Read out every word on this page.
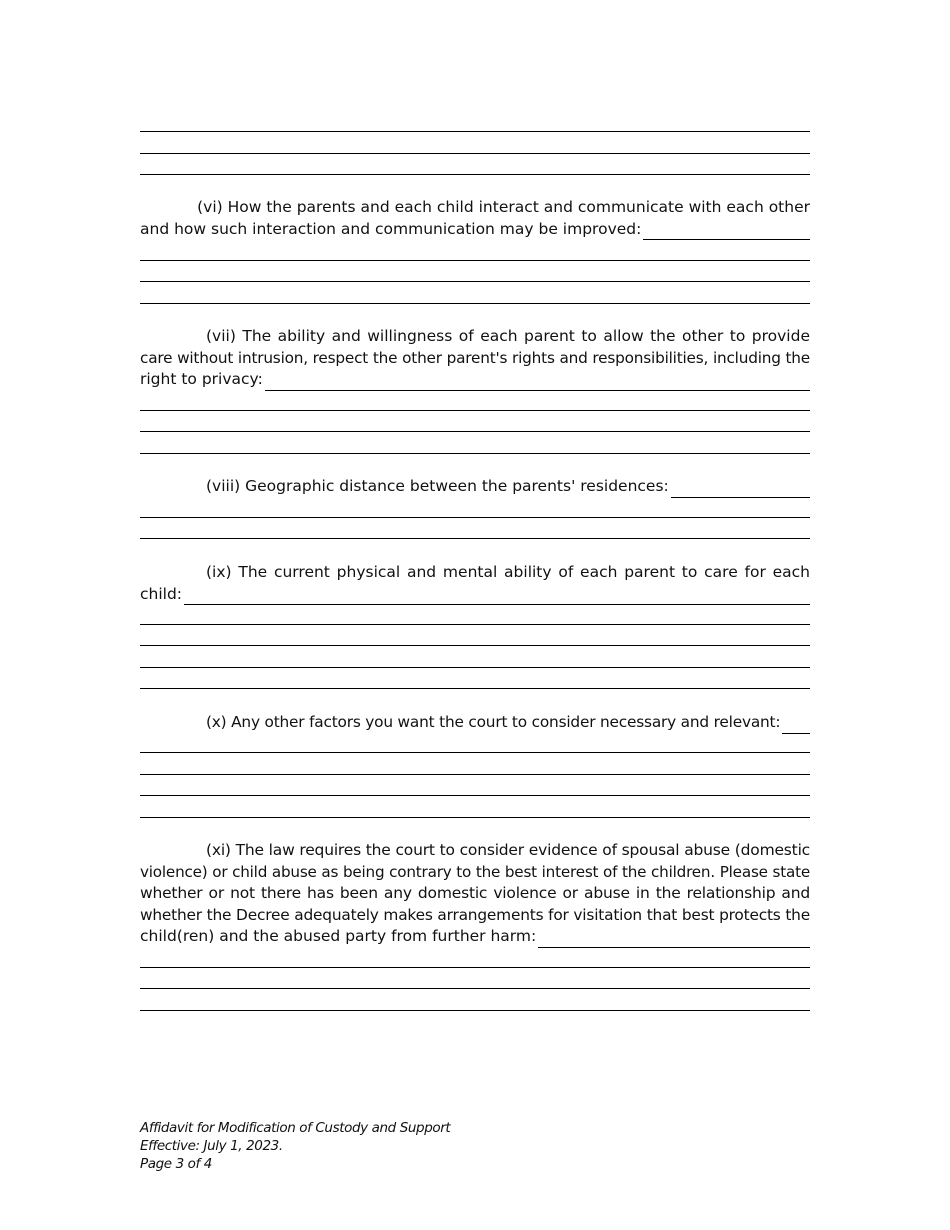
(vi) How the parents and each child interact and communicate with each other
and how such interaction and communication may be improved:
(vii) The ability and willingness of each parent to allow the other to provide
care without intrusion, respect the other parent's rights and responsibilities, including the
right to privacy:
(viii) Geographic distance between the parents' residences:
(ix) The current physical and mental ability of each parent to care for each
child:
(x) Any other factors you want the court to consider necessary and relevant:
(xi) The law requires the court to consider evidence of spousal abuse (domestic
violence) or child abuse as being contrary to the best interest of the children. Please state
whether or not there has been any domestic violence or abuse in the relationship and
whether the Decree adequately makes arrangements for visitation that best protects the
child(ren) and the abused party from further harm:
Affidavit for Modification of Custody and Support
Effective: July 1, 2023.
Page 3 of 4
